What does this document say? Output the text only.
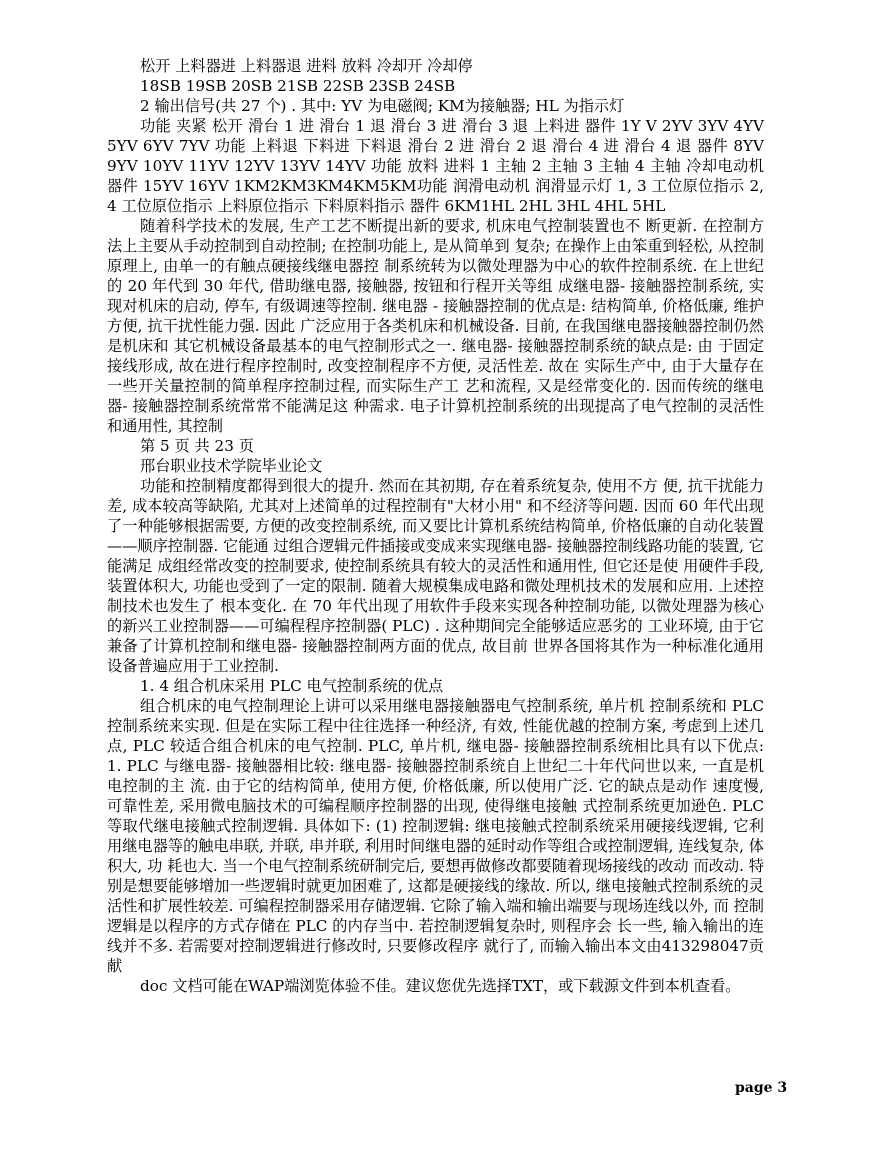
松开 上料器进 上料器退 进料 放料 冷却开 冷却停

18SB 19SB 20SB 21SB 22SB 23SB 24SB

2 输出信号(共 27 个) . 其中: YV 为电磁阀; KM为接触器; HL 为指示灯

功能 夹紧 松开 滑台 1 进 滑台 1 退 滑台 3 进 滑台 3 退 上料进 器件 1Y V 2YV 3YV 4YV 5YV 6YV 7YV 功能 上料退 下料进 下料退 滑台 2 进 滑台 2 退 滑台 4 进 滑台 4 退 器件 8YV 9YV 10YV 11YV 12YV 13YV 14YV 功能 放料 进料 1 主轴 2 主轴 3 主轴 4 主轴 冷却电动机 器件 15YV 16YV 1KM2KM3KM4KM5KM功能 润滑电动机 润滑显示灯 1, 3 工位原位指示 2, 4 工位原位指示 上料原位指示 下料原料指示 器件 6KM1HL 2HL 3HL 4HL 5HL

随着科学技术的发展, 生产工艺不断提出新的要求, 机床电气控制装置也不 断更新. 在控制方法上主要从手动控制到自动控制; 在控制功能上, 是从简单到 复杂; 在操作上由笨重到轻松, 从控制原理上, 由单一的有触点硬接线继电器控 制系统转为以微处理器为中心的软件控制系统. 在上世纪的 20 年代到 30 年代, 借助继电器, 接触器, 按钮和行程开关等组 成继电器- 接触器控制系统, 实现对机床的启动, 停车, 有级调速等控制. 继电器 - 接触器控制的优点是: 结构简单, 价格低廉, 维护方便, 抗干扰性能力强. 因此 广泛应用于各类机床和机械设备. 目前, 在我国继电器接触器控制仍然是机床和 其它机械设备最基本的电气控制形式之一. 继电器- 接触器控制系统的缺点是: 由 于固定接线形成, 故在进行程序控制时, 改变控制程序不方便, 灵活性差. 故在 实际生产中, 由于大量存在一些开关量控制的简单程序控制过程, 而实际生产工 艺和流程, 又是经常变化的. 因而传统的继电器- 接触器控制系统常常不能满足这 种需求. 电子计算机控制系统的出现提高了电气控制的灵活性和通用性, 其控制

第 5 页 共 23 页

邢台职业技术学院毕业论文

功能和控制精度都得到很大的提升. 然而在其初期, 存在着系统复杂, 使用不方 便, 抗干扰能力差, 成本较高等缺陷, 尤其对上述简单的过程控制有"大材小用" 和不经济等问题. 因而 60 年代出现了一种能够根据需要, 方便的改变控制系统, 而又要比计算机系统结构简单, 价格低廉的自动化装置——顺序控制器. 它能通 过组合逻辑元件插接或变成来实现继电器- 接触器控制线路功能的装置, 它能满足 成组经常改变的控制要求, 使控制系统具有较大的灵活性和通用性, 但它还是使 用硬件手段, 装置体积大, 功能也受到了一定的限制. 随着大规模集成电路和微处理机技术的发展和应用. 上述控制技术也发生了 根本变化. 在 70 年代出现了用软件手段来实现各种控制功能, 以微处理器为核心 的新兴工业控制器——可编程程序控制器( PLC) . 这种期间完全能够适应恶劣的 工业环境, 由于它兼备了计算机控制和继电器- 接触器控制两方面的优点, 故目前 世界各国将其作为一种标准化通用设备普遍应用于工业控制.

1. 4 组合机床采用 PLC 电气控制系统的优点

组合机床的电气控制理论上讲可以采用继电器接触器电气控制系统, 单片机 控制系统和 PLC 控制系统来实现. 但是在实际工程中往往选择一种经济, 有效, 性能优越的控制方案, 考虑到上述几点, PLC 较适合组合机床的电气控制. PLC, 单片机, 继电器- 接触器控制系统相比具有以下优点: 1. PLC 与继电器- 接触器相比较: 继电器- 接触器控制系统自上世纪二十年代问世以来, 一直是机电控制的主 流. 由于它的结构简单, 使用方便, 价格低廉, 所以使用广泛. 它的缺点是动作 速度慢, 可靠性差, 采用微电脑技术的可编程顺序控制器的出现, 使得继电接触 式控制系统更加逊色. PLC 等取代继电接触式控制逻辑. 具体如下: (1) 控制逻辑: 继电接触式控制系统采用硬接线逻辑, 它利用继电器等的触电串联, 并联, 串并联, 利用时间继电器的延时动作等组合或控制逻辑, 连线复杂, 体积大, 功 耗也大. 当一个电气控制系统研制完后, 要想再做修改都要随着现场接线的改动 而改动. 特别是想要能够增加一些逻辑时就更加困难了, 这都是硬接线的缘故. 所以, 继电接触式控制系统的灵活性和扩展性较差. 可编程控制器采用存储逻辑. 它除了输入端和输出端要与现场连线以外, 而 控制逻辑是以程序的方式存储在 PLC 的内存当中. 若控制逻辑复杂时, 则程序会 长一些, 输入输出的连线并不多. 若需要对控制逻辑进行修改时, 只要修改程序 就行了, 而输入输出本文由413298047贡献

doc 文档可能在WAP端浏览体验不佳。建议您优先选择TXT，或下载源文件到本机查看。

page 3
